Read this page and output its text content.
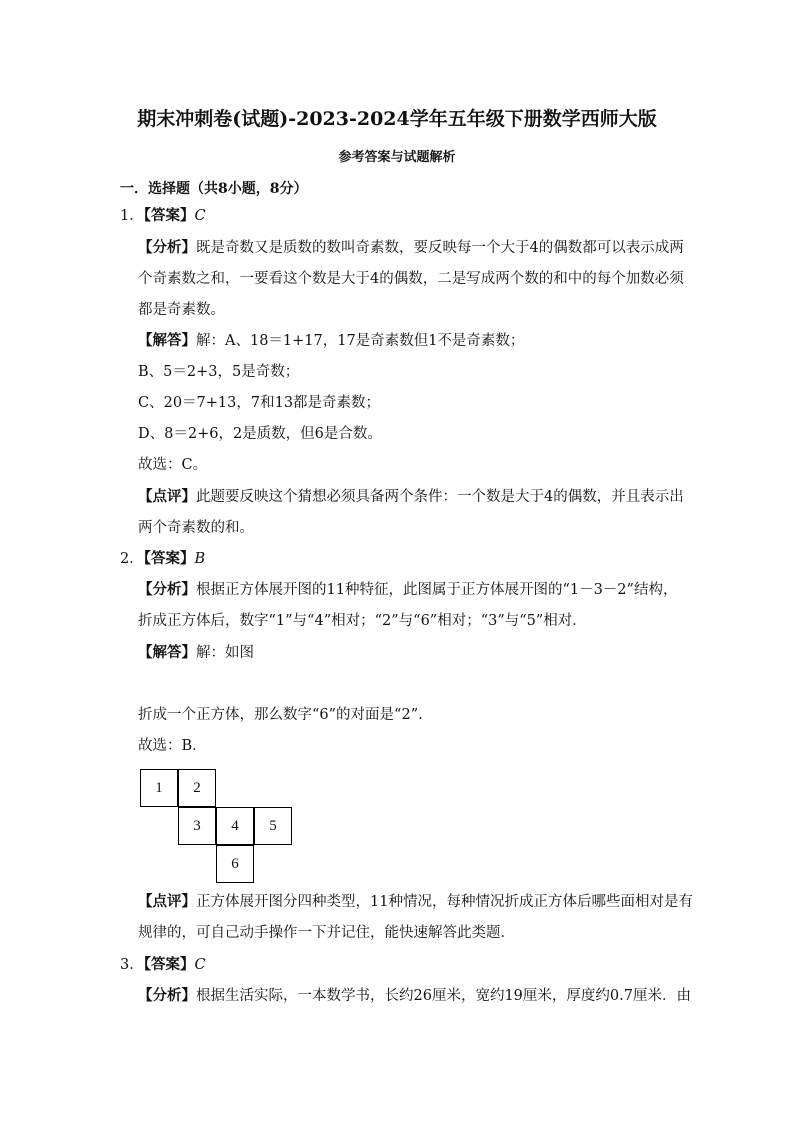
期末冲刺卷(试题)-2023-2024学年五年级下册数学西师大版
参考答案与试题解析
一．选择题（共8小题，8分）
1．【答案】C
【分析】既是奇数又是质数的数叫奇素数，要反映每一个大于4的偶数都可以表示成两
个奇素数之和，一要看这个数是大于4的偶数，二是写成两个数的和中的每个加数必须
都是奇素数。
【解答】解：A、18＝1+17，17是奇素数但1不是奇素数；
B、5＝2+3，5是奇数；
C、20＝7+13，7和13都是奇素数；
D、8＝2+6，2是质数，但6是合数。
故选：C。
【点评】此题要反映这个猜想必须具备两个条件：一个数是大于4的偶数，并且表示出
两个奇素数的和。
2．【答案】B
【分析】根据正方体展开图的11种特征，此图属于正方体展开图的“1－3－2”结构，
折成正方体后，数字“1”与“4”相对；“2”与“6”相对；“3”与“5”相对．
【解答】解：如图
折成一个正方体，那么数字“6”的对面是“2”.
故选：B．
1	2
3	4	5
6
【点评】正方体展开图分四种类型，11种情况，每种情况折成正方体后哪些面相对是有
规律的，可自己动手操作一下并记住，能快速解答此类题．
3．【答案】C
【分析】根据生活实际，一本数学书，长约26厘米，宽约19厘米，厚度约0.7厘米．由
